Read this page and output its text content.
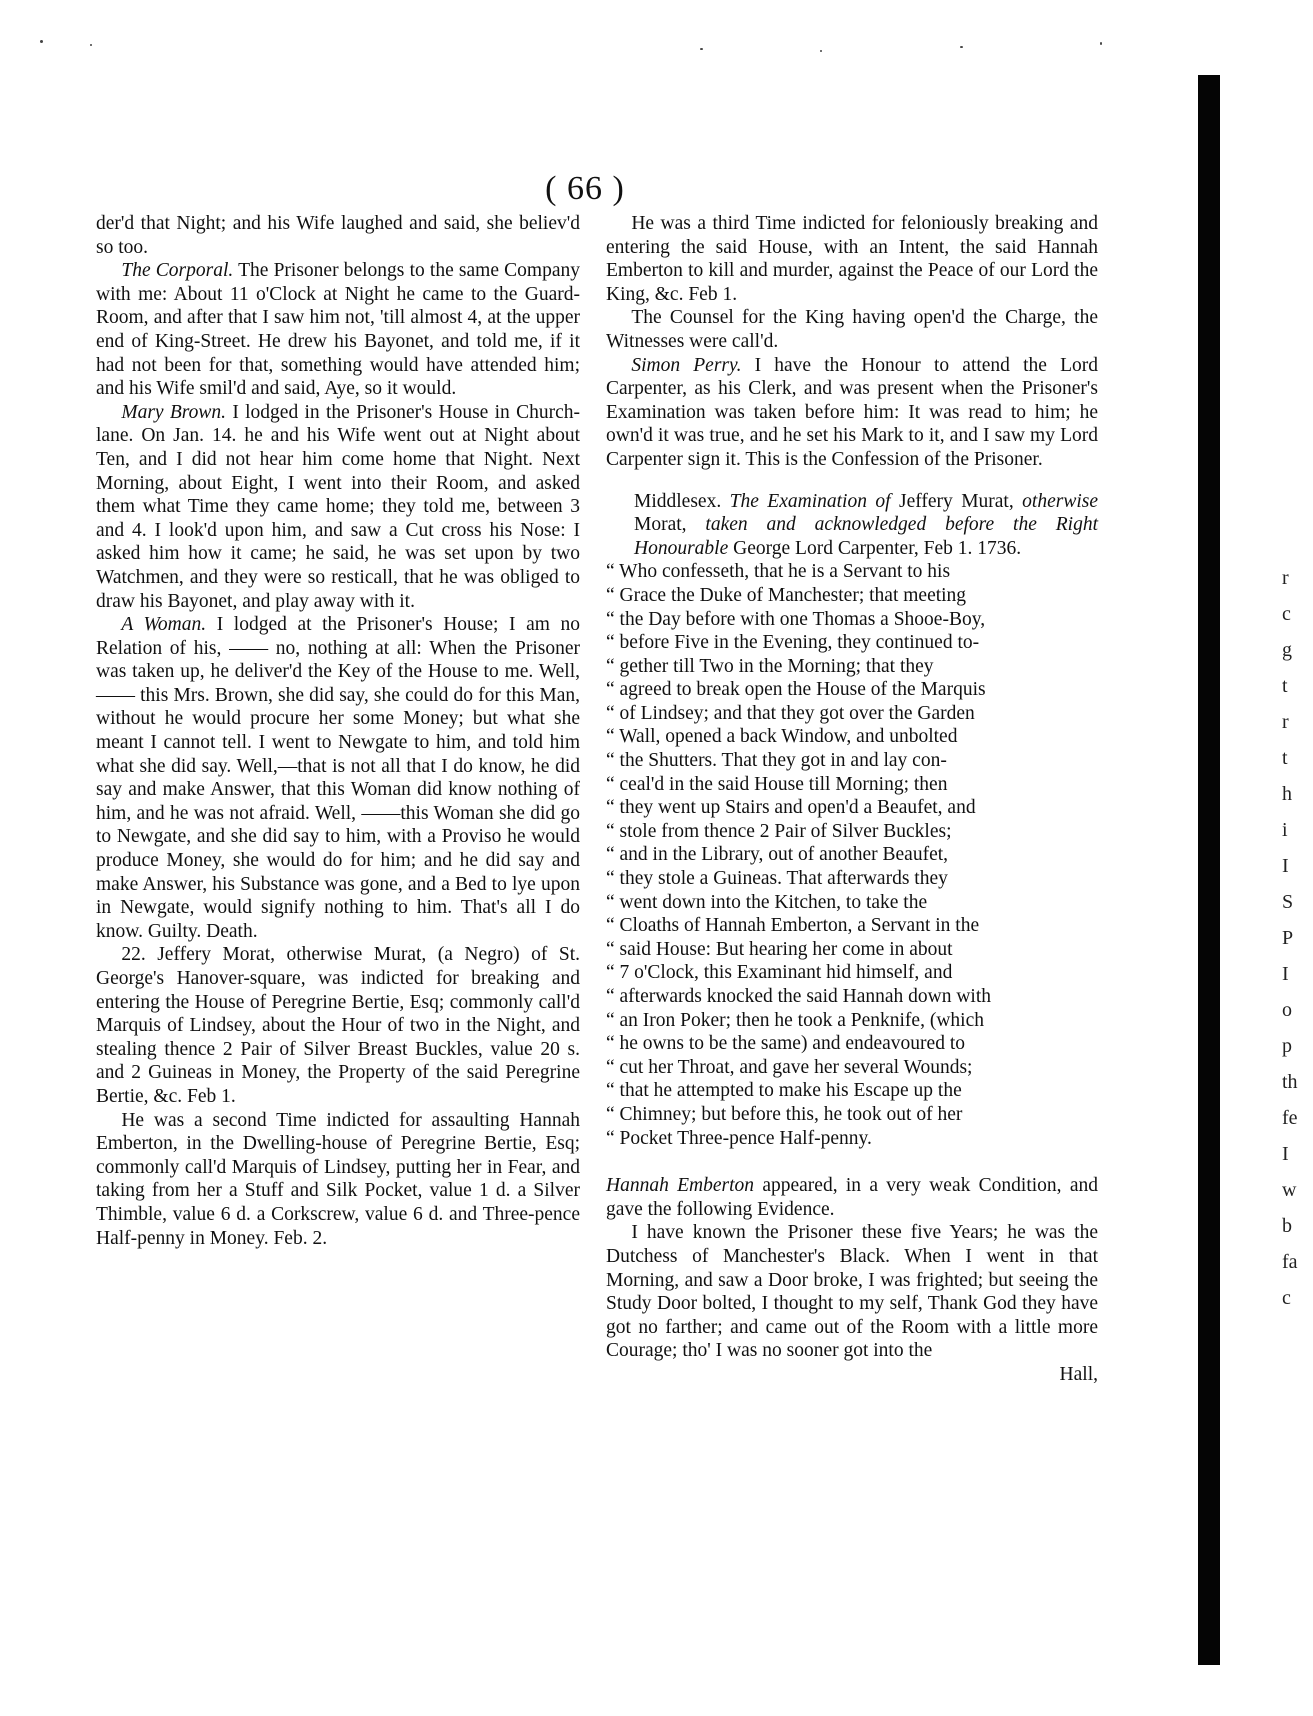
( 66 )

der'd that Night; and his Wife laughed and said, she believ'd so too.

The Corporal. The Prisoner belongs to the same Company with me: About 11 o'Clock at Night he came to the Guard-Room, and after that I saw him not, 'till almost 4, at the upper end of King-Street. He drew his Bayonet, and told me, if it had not been for that, something would have attended him; and his Wife smil'd and said, Aye, so it would.

Mary Brown. I lodged in the Prisoner's House in Church-lane. On Jan. 14. he and his Wife went out at Night about Ten, and I did not hear him come home that Night. Next Morning, about Eight, I went into their Room, and asked them what Time they came home; they told me, between 3 and 4. I look'd upon him, and saw a Cut cross his Nose: I asked him how it came; he said, he was set upon by two Watchmen, and they were so resticall, that he was obliged to draw his Bayonet, and play away with it.

A Woman. I lodged at the Prisoner's House; I am no Relation of his, —— no, nothing at all: When the Prisoner was taken up, he deliver'd the Key of the House to me. Well,—— this Mrs. Brown, she did say, she could do for this Man, without he would procure her some Money; but what she meant I cannot tell. I went to Newgate to him, and told him what she did say. Well,—that is not all that I do know, he did say and make Answer, that this Woman did know nothing of him, and he was not afraid. Well, ——this Woman she did go to Newgate, and she did say to him, with a Proviso he would produce Money, she would do for him; and he did say and make Answer, his Substance was gone, and a Bed to lye upon in Newgate, would signify nothing to him. That's all I do know. Guilty. Death.

22. Jeffery Morat, otherwise Murat, (a Negro) of St. George's Hanover-square, was indicted for breaking and entering the House of Peregrine Bertie, Esq; commonly call'd Marquis of Lindsey, about the Hour of two in the Night, and stealing thence 2 Pair of Silver Breast Buckles, value 20 s. and 2 Guineas in Money, the Property of the said Peregrine Bertie, &c. Feb 1.

He was a second Time indicted for assaulting Hannah Emberton, in the Dwelling-house of Peregrine Bertie, Esq; commonly call'd Marquis of Lindsey, putting her in Fear, and taking from her a Stuff and Silk Pocket, value 1 d. a Silver Thimble, value 6 d. a Corkscrew, value 6 d. and Three-pence Half-penny in Money. Feb. 2.

He was a third Time indicted for feloniously breaking and entering the said House, with an Intent, the said Hannah Emberton to kill and murder, against the Peace of our Lord the King, &c. Feb 1.

The Counsel for the King having open'd the Charge, the Witnesses were call'd.

Simon Perry. I have the Honour to attend the Lord Carpenter, as his Clerk, and was present when the Prisoner's Examination was taken before him: It was read to him; he own'd it was true, and he set his Mark to it, and I saw my Lord Carpenter sign it. This is the Confession of the Prisoner.

Middlesex. The Examination of Jeffery Murat, otherwise Morat, taken and acknowledged before the Right Honourable George Lord Carpenter, Feb 1. 1736.

“ Who confesseth, that he is a Servant to his

“ Grace the Duke of Manchester; that meeting

“ the Day before with one Thomas a Shooe-Boy,

“ before Five in the Evening, they continued to-

“ gether till Two in the Morning; that they

“ agreed to break open the House of the Marquis

“ of Lindsey; and that they got over the Garden

“ Wall, opened a back Window, and unbolted

“ the Shutters. That they got in and lay con-

“ ceal'd in the said House till Morning; then

“ they went up Stairs and open'd a Beaufet, and

“ stole from thence 2 Pair of Silver Buckles;

“ and in the Library, out of another Beaufet,

“ they stole a Guineas. That afterwards they

“ went down into the Kitchen, to take the

“ Cloaths of Hannah Emberton, a Servant in the

“ said House: But hearing her come in about

“ 7 o'Clock, this Examinant hid himself, and

“ afterwards knocked the said Hannah down with

“ an Iron Poker; then he took a Penknife, (which

“ he owns to be the same) and endeavoured to

“ cut her Throat, and gave her several Wounds;

“ that he attempted to make his Escape up the

“ Chimney; but before this, he took out of her

“ Pocket Three-pence Half-penny.

Hannah Emberton appeared, in a very weak Condition, and gave the following Evidence.

I have known the Prisoner these five Years; he was the Dutchess of Manchester's Black. When I went in that Morning, and saw a Door broke, I was frighted; but seeing the Study Door bolted, I thought to my self, Thank God they have got no farther; and came out of the Room with a little more Courage; tho' I was no sooner got into the

Hall,

r
c
g
t
r
t
h
i
I
S
P
I
o
p
th
fe
I
w
b
fa
c
